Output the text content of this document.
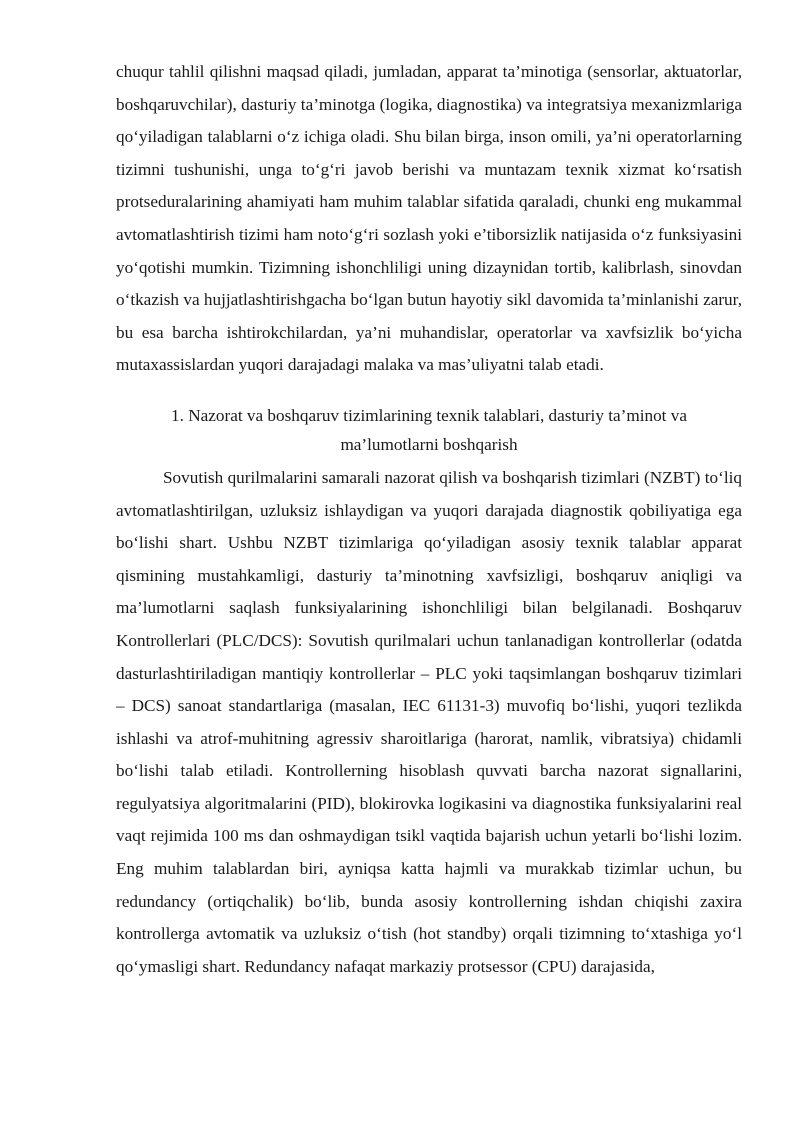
chuqur tahlil qilishni maqsad qiladi, jumladan, apparat ta’minotiga (sensorlar, aktuatorlar, boshqaruvchilar), dasturiy ta’minotga (logika, diagnostika) va integratsiya mexanizmlariga qo‘yiladigan talablarni o‘z ichiga oladi. Shu bilan birga, inson omili, ya’ni operatorlarning tizimni tushunishi, unga to‘g‘ri javob berishi va muntazam texnik xizmat ko‘rsatish protseduralarining ahamiyati ham muhim talablar sifatida qaraladi, chunki eng mukammal avtomatlashtirish tizimi ham noto‘g‘ri sozlash yoki e’tiborsizlik natijasida o‘z funksiyasini yo‘qotishi mumkin. Tizimning ishonchliligi uning dizaynidan tortib, kalibrlash, sinovdan o‘tkazish va hujjatlashtirishgacha bo‘lgan butun hayotiy sikl davomida ta’minlanishi zarur, bu esa barcha ishtirokchilardan, ya’ni muhandislar, operatorlar va xavfsizlik bo‘yicha mutaxassislardan yuqori darajadagi malaka va mas’uliyatni talab etadi.

1. Nazorat va boshqaruv tizimlarining texnik talablari, dasturiy ta’minot va
ma’lumotlarni boshqarish

Sovutish qurilmalarini samarali nazorat qilish va boshqarish tizimlari (NZBT) to‘liq avtomatlashtirilgan, uzluksiz ishlaydigan va yuqori darajada diagnostik qobiliyatiga ega bo‘lishi shart. Ushbu NZBT tizimlariga qo‘yiladigan asosiy texnik talablar apparat qismining mustahkamligi, dasturiy ta’minotning xavfsizligi, boshqaruv aniqligi va ma’lumotlarni saqlash funksiyalarining ishonchliligi bilan belgilanadi. Boshqaruv Kontrollerlari (PLC/DCS): Sovutish qurilmalari uchun tanlanadigan kontrollerlar (odatda dasturlashtiriladigan mantiqiy kontrollerlar – PLC yoki taqsimlangan boshqaruv tizimlari – DCS) sanoat standartlariga (masalan, IEC 61131-3) muvofiq bo‘lishi, yuqori tezlikda ishlashi va atrof-muhitning agressiv sharoitlariga (harorat, namlik, vibratsiya) chidamli bo‘lishi talab etiladi. Kontrollerning hisoblash quvvati barcha nazorat signallarini, regulyatsiya algoritmalarini (PID), blokirovka logikasini va diagnostika funksiyalarini real vaqt rejimida 100 ms dan oshmaydigan tsikl vaqtida bajarish uchun yetarli bo‘lishi lozim. Eng muhim talablardan biri, ayniqsa katta hajmli va murakkab tizimlar uchun, bu redundancy (ortiqchalik) bo‘lib, bunda asosiy kontrollerning ishdan chiqishi zaxira kontrollerga avtomatik va uzluksiz o‘tish (hot standby) orqali tizimning to‘xtashiga yo‘l qo‘ymasligi shart. Redundancy nafaqat markaziy protsessor (CPU) darajasida,
